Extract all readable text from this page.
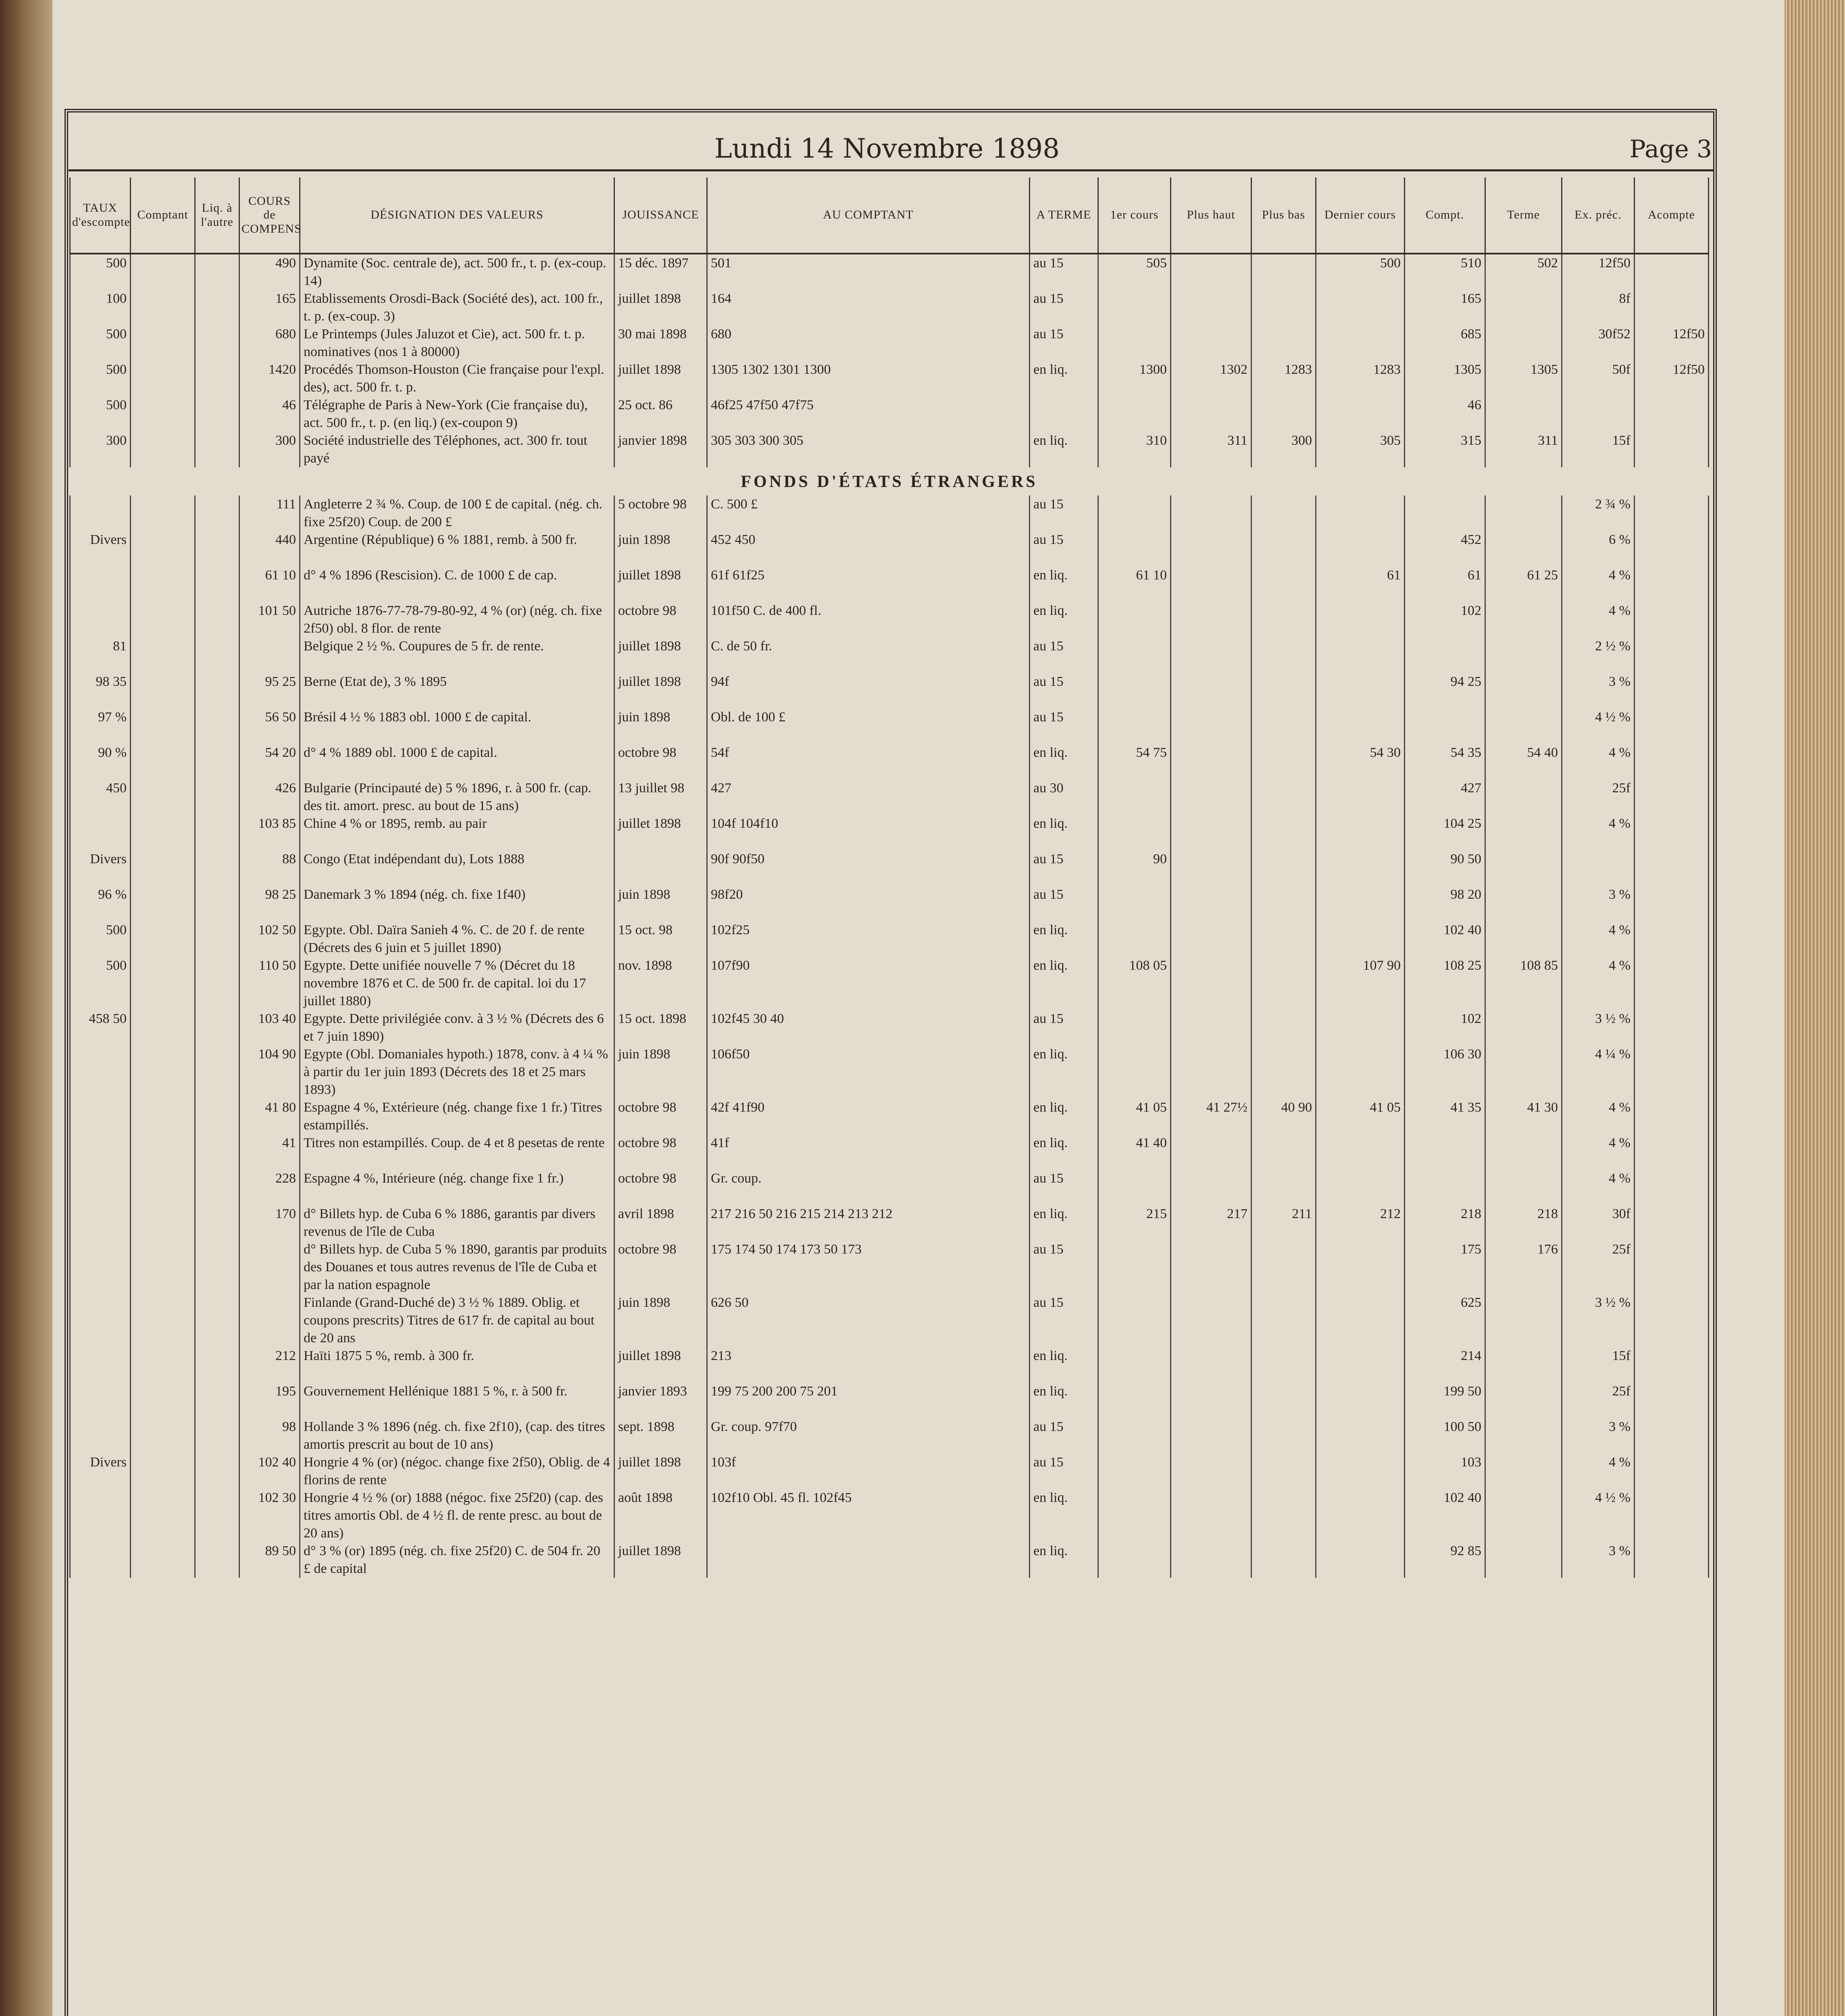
Lundi 14 Novembre 1898	Page 3
TAUX d'escompte	Comptant	Liq. à l'autre	COURS de COMPENS	DÉSIGNATION DES VALEURS	JOUISSANCE	AU COMPTANT	A TERME	1er cours	Plus haut	Plus bas	Dernier cours	Compt.	Terme	Ex. préc.	Acompte
500			490	Dynamite (Soc. centrale de), act. 500 fr., t. p. (ex-coup. 14)	15 déc. 1897	501	au 15	505			500	510	502	12f50	
100			165	Etablissements Orosdi-Back (Société des), act. 100 fr., t. p. (ex-coup. 3)	juillet 1898	164	au 15					165		8f	
500			680	Le Printemps (Jules Jaluzot et Cie), act. 500 fr. t. p. nominatives (nos 1 à 80000)	30 mai 1898	680	au 15					685		30f52	12f50
500			1420	Procédés Thomson-Houston (Cie française pour l'expl. des), act. 500 fr. t. p.	juillet 1898	1305 1302 1301 1300	en liq.	1300	1302	1283	1283	1305	1305	50f	12f50
500			46	Télégraphe de Paris à New-York (Cie française du), act. 500 fr., t. p. (en liq.) (ex-coupon 9)	25 oct. 86	46f25 47f50 47f75						46			
300			300	Société industrielle des Téléphones, act. 300 fr. tout payé	janvier 1898	305 303 300 305	en liq.	310	311	300	305	315	311	15f	

FONDS D'ÉTATS ÉTRANGERS															

			111	Angleterre 2 ¾ %. Coup. de 100 £ de capital. (nég. ch. fixe 25f20) Coup. de 200 £	5 octobre 98	C. 500 £	au 15							2 ¾ %	
Divers			440	Argentine (République) 6 % 1881, remb. à 500 fr.	juin 1898	452 450	au 15					452		6 %	
			61 10	d° 4 % 1896 (Rescision). C. de 1000 £ de cap.	juillet 1898	61f 61f25	en liq.	61 10			61	61	61 25	4 %	
			101 50	Autriche 1876-77-78-79-80-92, 4 % (or) (nég. ch. fixe 2f50) obl. 8 flor. de rente	octobre 98	101f50 C. de 400 fl.	en liq.					102		4 %	
81				Belgique 2 ½ %. Coupures de 5 fr. de rente.	juillet 1898	C. de 50 fr.	au 15							2 ½ %	
98 35			95 25	Berne (Etat de), 3 % 1895	juillet 1898	94f	au 15					94 25		3 %	
97 %			56 50	Brésil 4 ½ % 1883 obl. 1000 £ de capital.	juin 1898	Obl. de 100 £	au 15							4 ½ %	
90 %			54 20	d° 4 % 1889 obl. 1000 £ de capital.	octobre 98	54f	en liq.	54 75			54 30	54 35	54 40	4 %	
450			426	Bulgarie (Principauté de) 5 % 1896, r. à 500 fr. (cap. des tit. amort. presc. au bout de 15 ans)	13 juillet 98	427	au 30					427		25f	
			103 85	Chine 4 % or 1895, remb. au pair	juillet 1898	104f 104f10	en liq.					104 25		4 %	
Divers			88	Congo (Etat indépendant du), Lots 1888		90f 90f50	au 15	90				90 50			
96 %			98 25	Danemark 3 % 1894 (nég. ch. fixe 1f40)	juin 1898	98f20	au 15					98 20		3 %	
500			102 50	Egypte. Obl. Daïra Sanieh 4 %. C. de 20 f. de rente (Décrets des 6 juin et 5 juillet 1890)	15 oct. 98	102f25	en liq.					102 40		4 %	
500			110 50	Egypte. Dette unifiée nouvelle 7 % (Décret du 18 novembre 1876 et C. de 500 fr. de capital. loi du 17 juillet 1880)	nov. 1898	107f90	en liq.	108 05			107 90	108 25	108 85	4 %	
458 50			103 40	Egypte. Dette privilégiée conv. à 3 ½ % (Décrets des 6 et 7 juin 1890)	15 oct. 1898	102f45 30 40	au 15					102		3 ½ %	
			104 90	Egypte (Obl. Domaniales hypoth.) 1878, conv. à 4 ¼ % à partir du 1er juin 1893 (Décrets des 18 et 25 mars 1893)	juin 1898	106f50	en liq.					106 30		4 ¼ %	
			41 80	Espagne 4 %, Extérieure (nég. change fixe 1 fr.) Titres estampillés.	octobre 98	42f 41f90	en liq.	41 05	41 27½	40 90	41 05	41 35	41 30	4 %	
			41	Titres non estampillés. Coup. de 4 et 8 pesetas de rente	octobre 98	41f	en liq.	41 40						4 %	
			228	Espagne 4 %, Intérieure (nég. change fixe 1 fr.)	octobre 98	Gr. coup.	au 15							4 %	
			170	d° Billets hyp. de Cuba 6 % 1886, garantis par divers revenus de l'île de Cuba	avril 1898	217 216 50 216 215 214 213 212	en liq.	215	217	211	212	218	218	30f	
				d° Billets hyp. de Cuba 5 % 1890, garantis par produits des Douanes et tous autres revenus de l'île de Cuba et par la nation espagnole	octobre 98	175 174 50 174 173 50 173	au 15					175	176	25f	
				Finlande (Grand-Duché de) 3 ½ % 1889. Oblig. et coupons prescrits) Titres de 617 fr. de capital au bout de 20 ans	juin 1898	626 50	au 15					625		3 ½ %	
			212	Haïti 1875 5 %, remb. à 300 fr.	juillet 1898	213	en liq.					214		15f	
			195	Gouvernement Hellénique 1881 5 %, r. à 500 fr.	janvier 1893	199 75 200 200 75 201	en liq.					199 50		25f	
			98	Hollande 3 % 1896 (nég. ch. fixe 2f10), (cap. des titres amortis prescrit au bout de 10 ans)	sept. 1898	Gr. coup. 97f70	au 15					100 50		3 %	
Divers			102 40	Hongrie 4 % (or) (négoc. change fixe 2f50), Oblig. de 4 florins de rente	juillet 1898	103f	au 15					103		4 %	
			102 30	Hongrie 4 ½ % (or) 1888 (négoc. fixe 25f20) (cap. des titres amortis Obl. de 4 ½ fl. de rente presc. au bout de 20 ans)	août 1898	102f10 Obl. 45 fl. 102f45	en liq.					102 40		4 ½ %	
			89 50	d° 3 % (or) 1895 (nég. ch. fixe 25f20) C. de 504 fr. 20 £ de capital	juillet 1898		en liq.					92 85		3 %	
